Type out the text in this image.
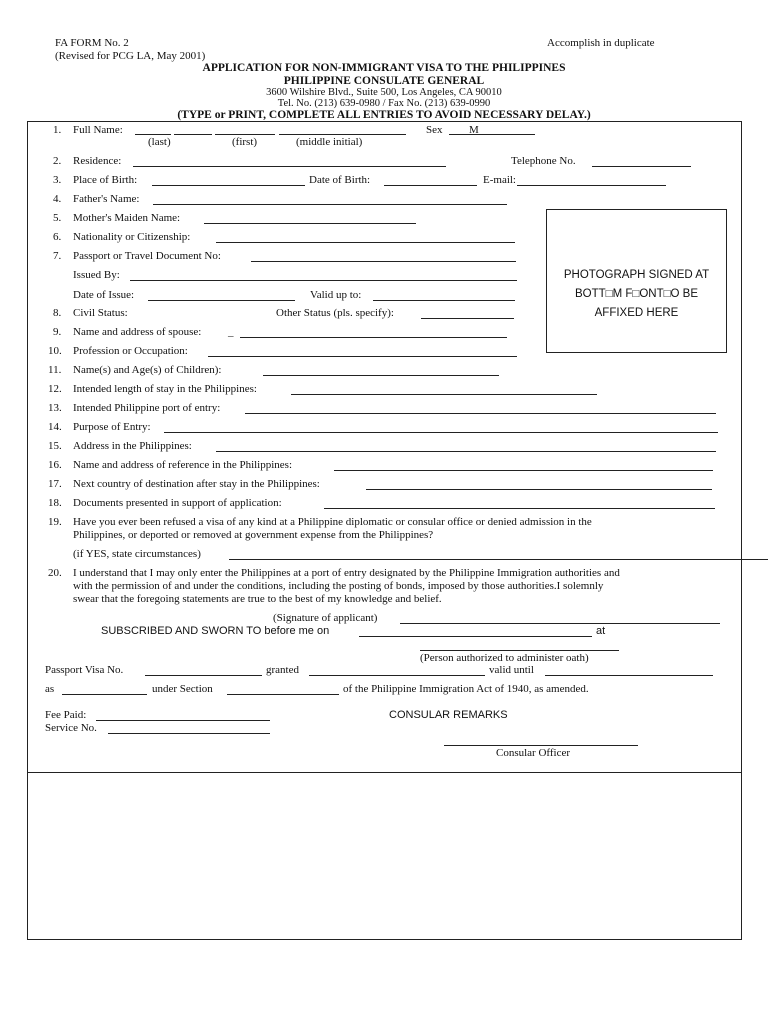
FA FORM No. 2
(Revised for PCG LA, May 2001)
Accomplish in duplicate
APPLICATION FOR NON-IMMIGRANT VISA TO THE PHILIPPINES
PHILIPPINE CONSULATE GENERAL
3600 Wilshire Blvd., Suite 500, Los Angeles, CA 90010
Tel. No. (213) 639-0980 / Fax No. (213) 639-0990
(TYPE or PRINT, COMPLETE ALL ENTRIES TO AVOID NECESSARY DELAY.)
1. Full Name:
(last)	(first)	(middle initial)
Sex M
2. Residence:	Telephone No.
3. Place of Birth:	Date of Birth:	E-mail:
4. Father's Name:
5. Mother's Maiden Name:
6. Nationality or Citizenship:
7. Passport or Travel Document No:
Issued By:
Date of Issue:	Valid up to:
8. Civil Status:	Other Status (pls. specify):
9. Name and address of spouse: _
10. Profession or Occupation:
11. Name(s) and Age(s) of Children):
12. Intended length of stay in the Philippines:
13. Intended Philippine port of entry:
14. Purpose of Entry:
15. Address in the Philippines:
16. Name and address of reference in the Philippines:
17. Next country of destination after stay in the Philippines:
18. Documents presented in support of application:
19. Have you ever been refused a visa of any kind at a Philippine diplomatic or consular office or denied admission in the
Philippines, or deported or removed at government expense from the Philippines?
(if YES, state circumstances)
20. I understand that I may only enter the Philippines at a port of entry designated by the Philippine Immigration authorities and
with the permission of and under the conditions, including the posting of bonds, imposed by those authorities.I solemnly
swear that the foregoing statements are true to the best of my knowledge and belief.
(Signature of applicant)
SUBSCRIBED AND SWORN TO before me on	at
(Person authorized to administer oath)
Passport Visa No.	granted	valid until
as	under Section	of the Philippine Immigration Act of 1940, as amended.
Fee Paid:
Service No.
CONSULAR REMARKS
Consular Officer
PHOTOGRAPH SIGNED AT
BOTT□M F□ONT□O BE
AFFIXED HERE
